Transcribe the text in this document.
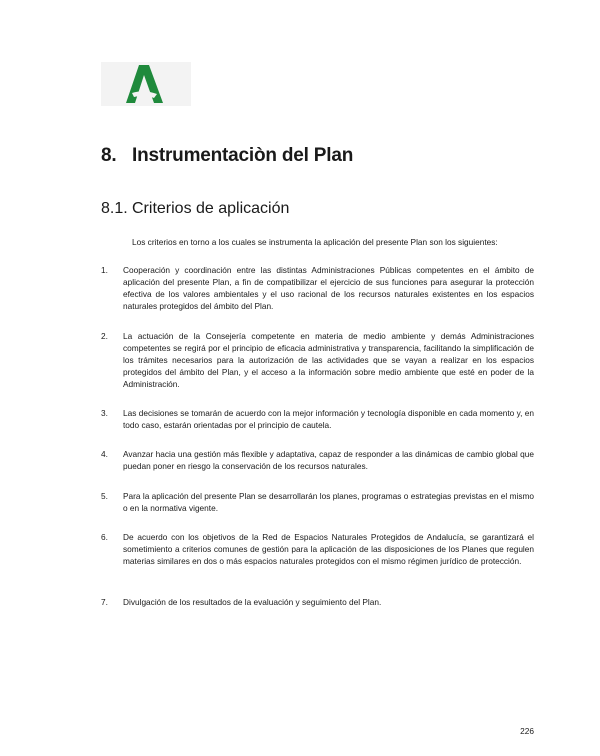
8. Instrumentaciòn del Plan
8.1. Criterios de aplicación
Los criterios en torno a los cuales se instrumenta la aplicación del presente Plan son los siguientes:
1. Cooperación y coordinación entre las distintas Administraciones Públicas competentes en el ámbito de aplicación del presente Plan, a fin de compatibilizar el ejercicio de sus funciones para asegurar la protección efectiva de los valores ambientales y el uso racional de los recursos naturales existentes en los espacios naturales protegidos del ámbito del Plan.
2. La actuación de la Consejería competente en materia de medio ambiente y demás Administraciones competentes se regirá por el principio de eficacia administrativa y transparencia, facilitando la simplificación de los trámites necesarios para la autorización de las actividades que se vayan a realizar en los espacios protegidos del ámbito del Plan, y el acceso a la información sobre medio ambiente que esté en poder de la Administración.
3. Las decisiones se tomarán de acuerdo con la mejor información y tecnología disponible en cada momento y, en todo caso, estarán orientadas por el principio de cautela.
4. Avanzar hacia una gestión más flexible y adaptativa, capaz de responder a las dinámicas de cambio global que puedan poner en riesgo la conservación de los recursos naturales.
5. Para la aplicación del presente Plan se desarrollarán los planes, programas o estrategias previstas en el mismo o en la normativa vigente.
6. De acuerdo con los objetivos de la Red de Espacios Naturales Protegidos de Andalucía, se garantizará el sometimiento a criterios comunes de gestión para la aplicación de las disposiciones de los Planes que regulen materias similares en dos o más espacios naturales protegidos con el mismo régimen jurídico de protección.
7. Divulgación de los resultados de la evaluación y seguimiento del Plan.
226
